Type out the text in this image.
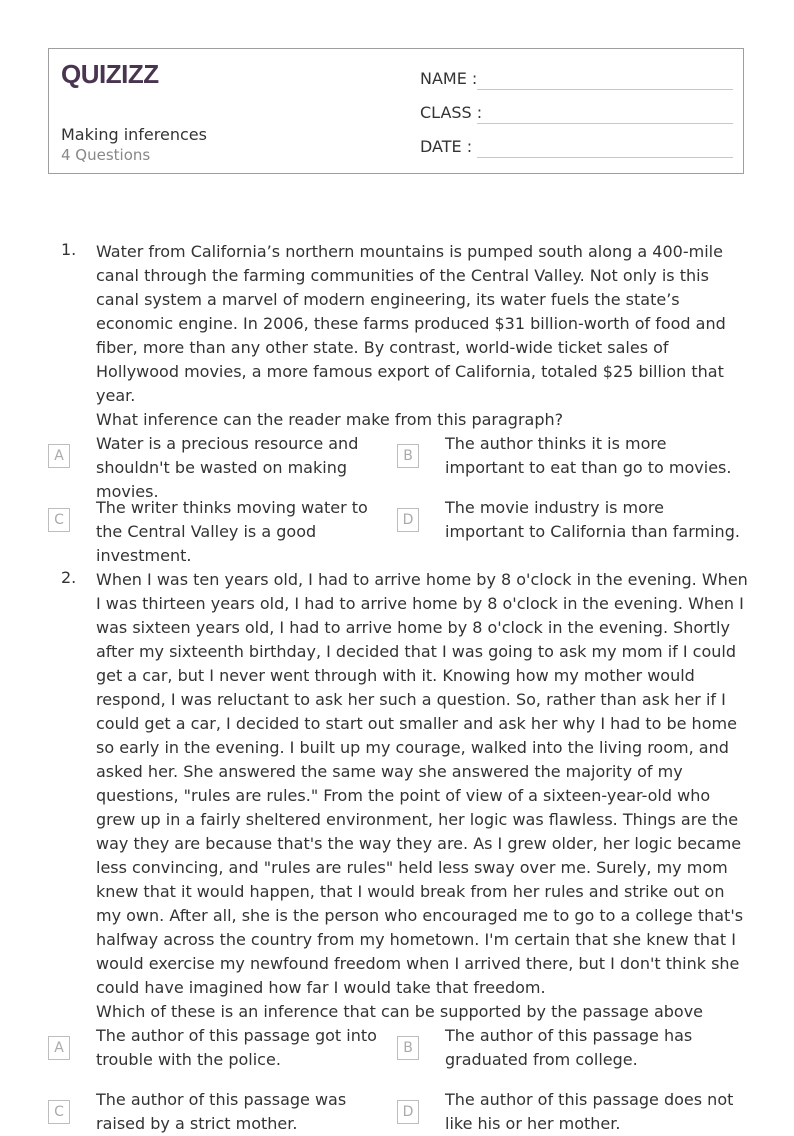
QUIZIZZ
Making inferences
4 Questions
NAME :
CLASS :
DATE :
1. Water from California’s northern mountains is pumped south along a 400-mile canal through the farming communities of the Central Valley. Not only is this canal system a marvel of modern engineering, its water fuels the state’s economic engine. In 2006, these farms produced $31 billion-worth of food and fiber, more than any other state. By contrast, world-wide ticket sales of Hollywood movies, a more famous export of California, totaled $25 billion that year.

What inference can the reader make from this paragraph?

A
Water is a precious resource and shouldn't be wasted on making movies.
B
The author thinks it is more important to eat than go to movies.
C
The writer thinks moving water to the Central Valley is a good investment.
D
The movie industry is more important to California than farming.
2. When I was ten years old, I had to arrive home by 8 o'clock in the evening. When I was thirteen years old, I had to arrive home by 8 o'clock in the evening. When I was sixteen years old, I had to arrive home by 8 o'clock in the evening. Shortly after my sixteenth birthday, I decided that I was going to ask my mom if I could get a car, but I never went through with it. Knowing how my mother would respond, I was reluctant to ask her such a question. So, rather than ask her if I could get a car, I decided to start out smaller and ask her why I had to be home so early in the evening. I built up my courage, walked into the living room, and asked her. She answered the same way she answered the majority of my questions, "rules are rules." From the point of view of a sixteen-year-old who grew up in a fairly sheltered environment, her logic was flawless. Things are the way they are because that's the way they are. As I grew older, her logic became less convincing, and "rules are rules" held less sway over me. Surely, my mom knew that it would happen, that I would break from her rules and strike out on my own. After all, she is the person who encouraged me to go to a college that's halfway across the country from my hometown. I'm certain that she knew that I would exercise my newfound freedom when I arrived there, but I don't think she could have imagined how far I would take that freedom.

Which of these is an inference that can be supported by the passage above

A
The author of this passage got into trouble with the police.
B
The author of this passage has graduated from college.
C
The author of this passage was raised by a strict mother.
D
The author of this passage does not like his or her mother.
